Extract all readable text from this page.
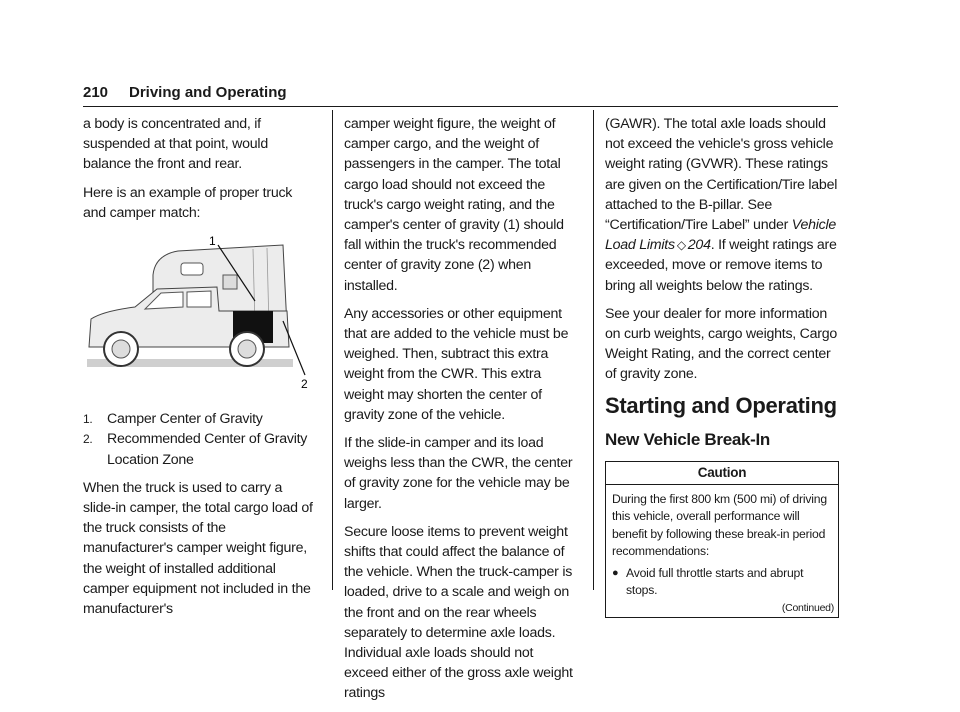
210 Driving and Operating

a body is concentrated and, if suspended at that point, would balance the front and rear.

Here is an example of proper truck and camper match:

1
2
1.	Camper Center of Gravity
2.	Recommended Center of Gravity Location Zone

When the truck is used to carry a slide-in camper, the total cargo load of the truck consists of the manufacturer's camper weight figure, the weight of installed additional camper equipment not included in the manufacturer's

camper weight figure, the weight of camper cargo, and the weight of passengers in the camper. The total cargo load should not exceed the truck's cargo weight rating, and the camper's center of gravity (1) should fall within the truck's recommended center of gravity zone (2) when installed.

Any accessories or other equipment that are added to the vehicle must be weighed. Then, subtract this extra weight from the CWR. This extra weight may shorten the center of gravity zone of the vehicle.

If the slide-in camper and its load weighs less than the CWR, the center of gravity zone for the vehicle may be larger.

Secure loose items to prevent weight shifts that could affect the balance of the vehicle. When the truck-camper is loaded, drive to a scale and weigh on the front and on the rear wheels separately to determine axle loads. Individual axle loads should not exceed either of the gross axle weight ratings

(GAWR). The total axle loads should not exceed the vehicle's gross vehicle weight rating (GVWR). These ratings are given on the Certification/Tire label attached to the B-pillar. See “Certification/Tire Label” under Vehicle Load Limits ◇ 204. If weight ratings are exceeded, move or remove items to bring all weights below the ratings.

See your dealer for more information on curb weights, cargo weights, Cargo Weight Rating, and the correct center of gravity zone.

Starting and Operating
New Vehicle Break-In
Caution

During the first 800 km (500 mi) of driving this vehicle, overall performance will benefit by following these break-in period recommendations:

● Avoid full throttle starts and abrupt stops.
(Continued)
